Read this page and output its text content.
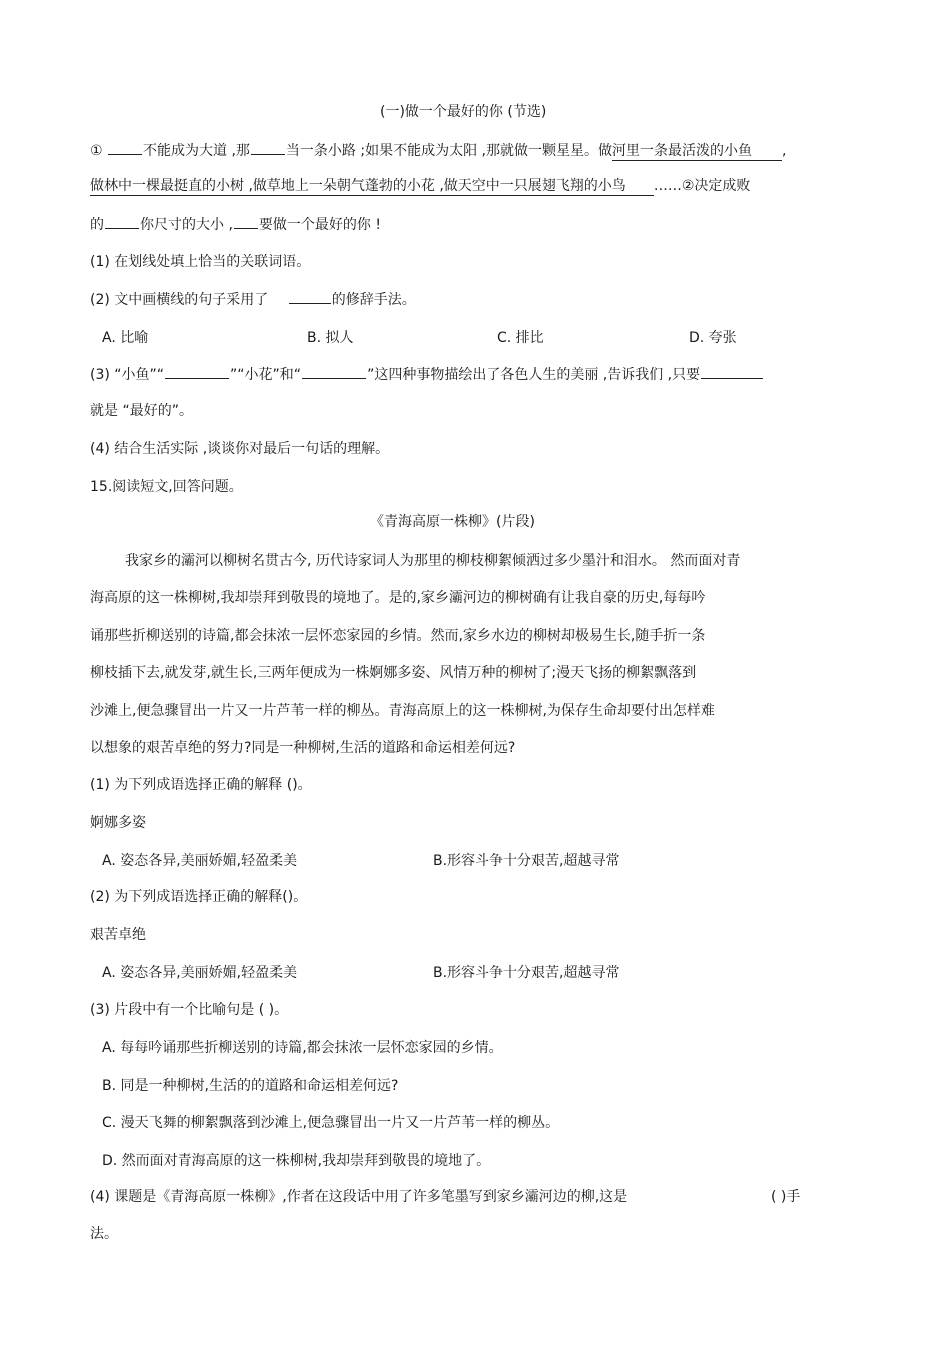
(一)做一个最好的你 (节选)
①	不能成为大道 ,那	当一条小路 ;如果不能成为太阳 ,那就做一颗星星。做河里一条最活泼的小鱼 ,
做林中一棵最挺直的小树 ,做草地上一朵朝气蓬勃的小花 ,做天空中一只展翅飞翔的小鸟 ……②决定成败
的	你尺寸的大小 , 要做一个最好的你 !
(1) 在划线处填上恰当的关联词语。
(2) 文中画横线的句子采用了	的修辞手法。
A. 比喻	B. 拟人	C. 排比	D. 夸张
(3) “小鱼”“	”“小花”和“	”这四种事物描绘出了各色人生的美丽 ,告诉我们 ,只要
就是 “最好的”。
(4) 结合生活实际 ,谈谈你对最后一句话的理解。
15.阅读短文,回答问题。
《青海高原一株柳》(片段)
我家乡的灞河以柳树名贯古今, 历代诗家词人为那里的柳枝柳絮倾洒过多少墨汁和泪水。 然而面对青
海高原的这一株柳树,我却崇拜到敬畏的境地了。是的,家乡灞河边的柳树确有让我自豪的历史,每每吟
诵那些折柳送别的诗篇,都会抹浓一层怀恋家园的乡情。然而,家乡水边的柳树却极易生长,随手折一条
柳枝插下去,就发芽,就生长,三两年便成为一株婀娜多姿、风情万种的柳树了;漫天飞扬的柳絮飘落到
沙滩上,便急骤冒出一片又一片芦苇一样的柳丛。青海高原上的这一株柳树,为保存生命却要付出怎样难
以想象的艰苦卓绝的努力?同是一种柳树,生活的道路和命运相差何远?
(1) 为下列成语选择正确的解释 ()。
婀娜多姿
A. 姿态各异,美丽娇媚,轻盈柔美	B.形容斗争十分艰苦,超越寻常
(2) 为下列成语选择正确的解释()。
艰苦卓绝
A. 姿态各异,美丽娇媚,轻盈柔美	B.形容斗争十分艰苦,超越寻常
(3) 片段中有一个比喻句是 ( )。
A. 每每吟诵那些折柳送别的诗篇,都会抹浓一层怀恋家园的乡情。
B. 同是一种柳树,生活的的道路和命运相差何远?
C. 漫天飞舞的柳絮飘落到沙滩上,便急骤冒出一片又一片芦苇一样的柳丛。
D. 然而面对青海高原的这一株柳树,我却崇拜到敬畏的境地了。
(4) 课题是《青海高原一株柳》,作者在这段话中用了许多笔墨写到家乡灞河边的柳,这是	( )手
法。
